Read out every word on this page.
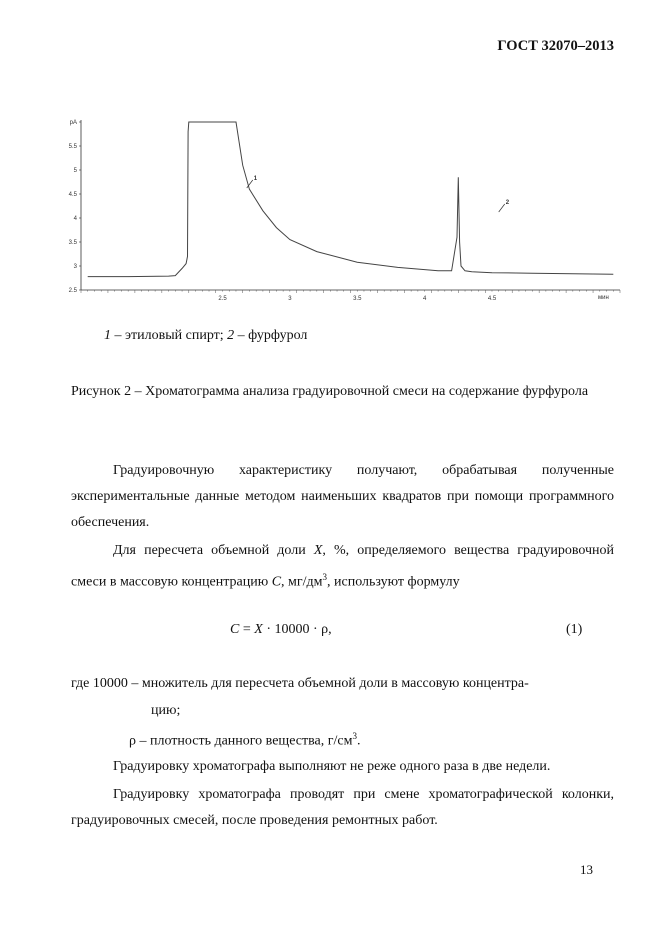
ГОСТ 32070–2013
2.5
3
3.5
4
4.5
5
5.5
pA
2.5	3	3.5	4	4.5
1
2
мин
1 – этиловый спирт; 2 – фурфурол
Рисунок 2 – Хроматограмма анализа градуировочной смеси на содержание фурфурола
Градуировочную характеристику получают, обрабатывая полученные экспериментальные данные методом наименьших квадратов при помощи программного обеспечения.
Для пересчета объемной доли X, %, определяемого вещества градуировочной смеси в массовую концентрацию C, $мг/дм^3$, используют формулу
C = X · 10000 · ρ,	(1)
где 10000 – множитель для пересчета объемной доли в массовую концентра-
цию;
ρ – плотность данного вещества, $г/см^3$.
Градуировку хроматографа выполняют не реже одного раза в две недели.
Градуировку хроматографа проводят при смене хроматографической колонки, градуировочных смесей, после проведения ремонтных работ.
13
